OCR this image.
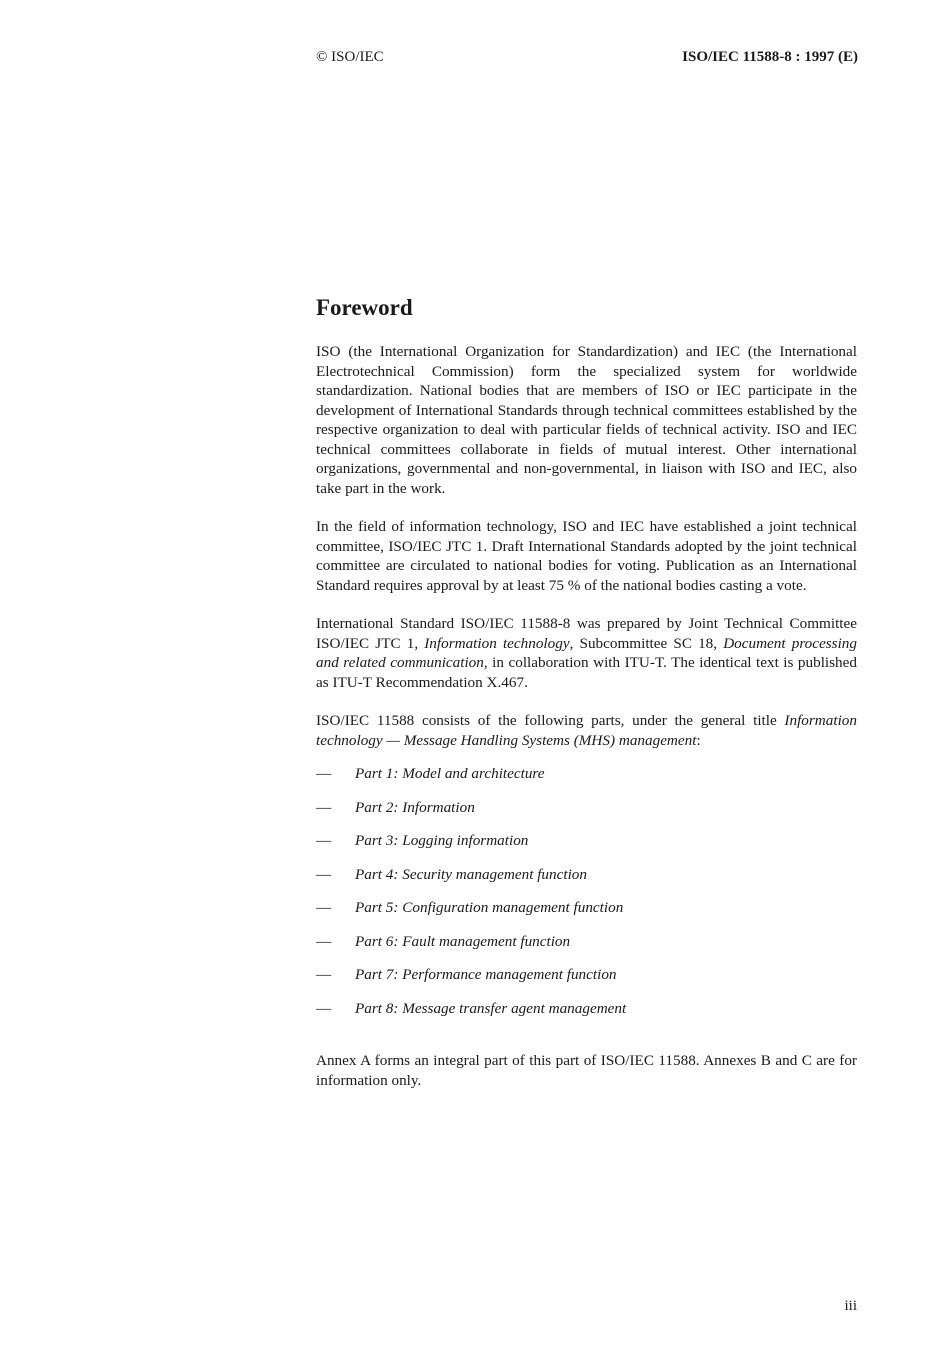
© ISO/IEC	ISO/IEC 11588-8 : 1997 (E)
Foreword

ISO (the International Organization for Standardization) and IEC (the International Electrotechnical Commission) form the specialized system for worldwide standardization. National bodies that are members of ISO or IEC participate in the development of International Standards through technical committees established by the respective organization to deal with particular fields of technical activity. ISO and IEC technical committees collaborate in fields of mutual interest. Other international organizations, governmental and non-governmental, in liaison with ISO and IEC, also take part in the work.

In the field of information technology, ISO and IEC have established a joint technical committee, ISO/IEC JTC 1. Draft International Standards adopted by the joint technical committee are circulated to national bodies for voting. Publication as an International Standard requires approval by at least 75 % of the national bodies casting a vote.

International Standard ISO/IEC 11588-8 was prepared by Joint Technical Committee ISO/IEC JTC 1, Information technology, Subcommittee SC 18, Document processing and related communication, in collaboration with ITU-T. The identical text is published as ITU-T Recommendation X.467.

ISO/IEC 11588 consists of the following parts, under the general title Information technology — Message Handling Systems (MHS) management:

—	Part 1: Model and architecture
—	Part 2: Information
—	Part 3: Logging information
—	Part 4: Security management function
—	Part 5: Configuration management function
—	Part 6: Fault management function
—	Part 7: Performance management function
—	Part 8: Message transfer agent management

Annex A forms an integral part of this part of ISO/IEC 11588. Annexes B and C are for information only.

iii
